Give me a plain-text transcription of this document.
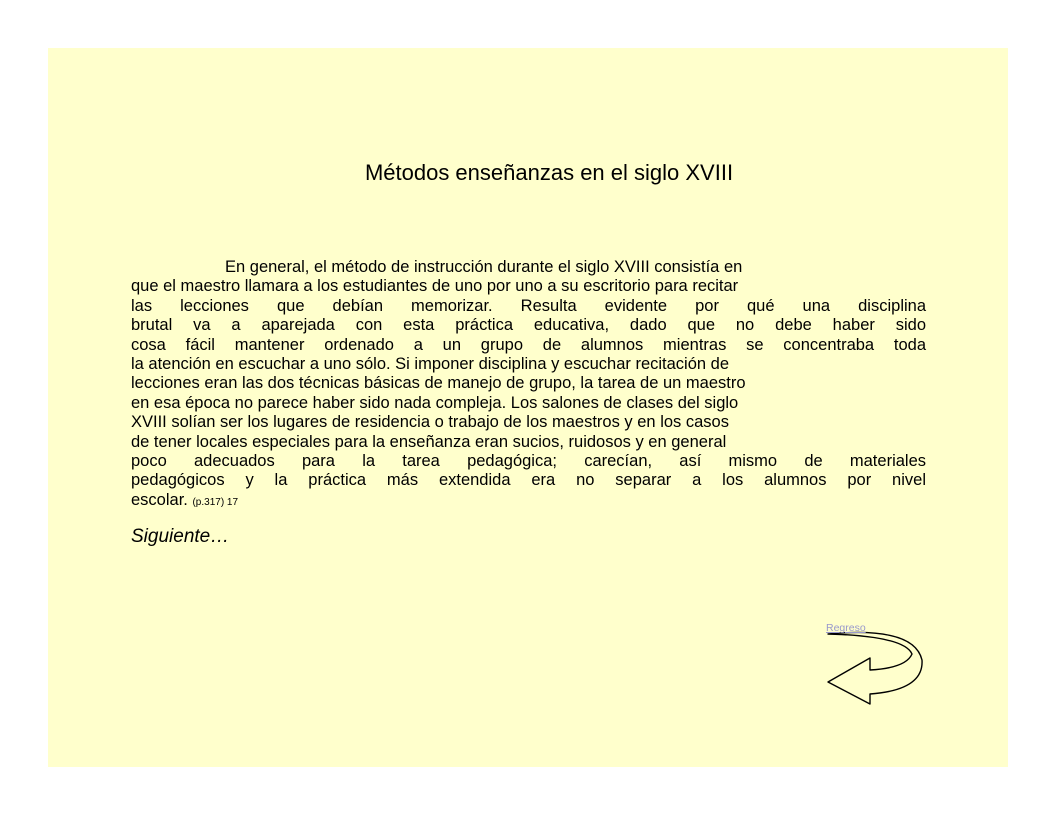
Métodos enseñanzas en el siglo XVIII
En general, el método de instrucción durante el siglo XVIII consistía en
que el maestro llamara a los estudiantes de uno por uno a su escritorio para recitar
las lecciones que debían memorizar. Resulta evidente por qué una disciplina
brutal va a aparejada con esta práctica educativa, dado que no debe haber sido
cosa fácil mantener ordenado a un grupo de alumnos mientras se concentraba toda
la atención en escuchar a uno sólo. Si imponer disciplina y escuchar recitación de
lecciones eran las dos técnicas básicas de manejo de grupo, la tarea de un maestro
en esa época no parece haber sido nada compleja. Los salones de clases del siglo
XVIII solían ser los lugares de residencia o trabajo de los maestros y en los casos
de tener locales especiales para la enseñanza eran sucios, ruidosos y en general
poco adecuados para la tarea pedagógica; carecían, así mismo de materiales
pedagógicos y la práctica más extendida era no separar a los alumnos por nivel
escolar. (p.317) 17
Siguiente…
Regreso
